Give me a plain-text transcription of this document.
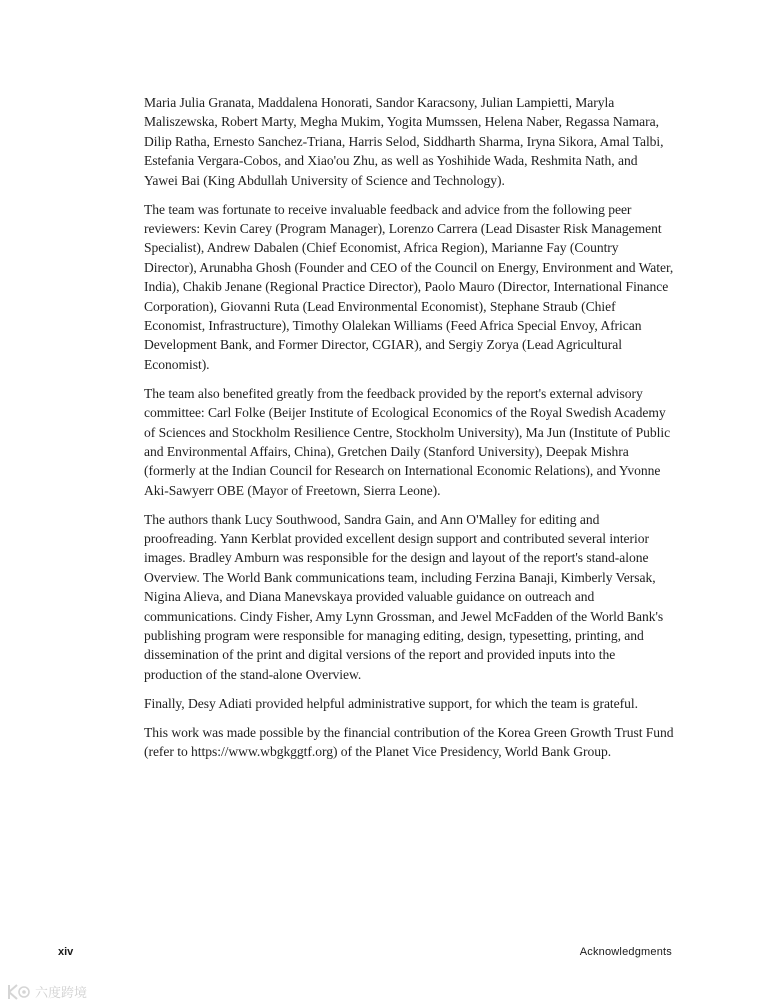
Maria Julia Granata, Maddalena Honorati, Sandor Karacsony, Julian Lampietti, Maryla Maliszewska, Robert Marty, Megha Mukim, Yogita Mumssen, Helena Naber, Regassa Namara, Dilip Ratha, Ernesto Sanchez-Triana, Harris Selod, Siddharth Sharma, Iryna Sikora, Amal Talbi, Estefania Vergara-Cobos, and Xiao'ou Zhu, as well as Yoshihide Wada, Reshmita Nath, and Yawei Bai (King Abdullah University of Science and Technology).

The team was fortunate to receive invaluable feedback and advice from the following peer reviewers: Kevin Carey (Program Manager), Lorenzo Carrera (Lead Disaster Risk Management Specialist), Andrew Dabalen (Chief Economist, Africa Region), Marianne Fay (Country Director), Arunabha Ghosh (Founder and CEO of the Council on Energy, Environment and Water, India), Chakib Jenane (Regional Practice Director), Paolo Mauro (Director, International Finance Corporation), Giovanni Ruta (Lead Environmental Economist), Stephane Straub (Chief Economist, Infrastructure), Timothy Olalekan Williams (Feed Africa Special Envoy, African Development Bank, and Former Director, CGIAR), and Sergiy Zorya (Lead Agricultural Economist).

The team also benefited greatly from the feedback provided by the report's external advisory committee: Carl Folke (Beijer Institute of Ecological Economics of the Royal Swedish Academy of Sciences and Stockholm Resilience Centre, Stockholm University), Ma Jun (Institute of Public and Environmental Affairs, China), Gretchen Daily (Stanford University), Deepak Mishra (formerly at the Indian Council for Research on International Economic Relations), and Yvonne Aki-Sawyerr OBE (Mayor of Freetown, Sierra Leone).

The authors thank Lucy Southwood, Sandra Gain, and Ann O'Malley for editing and proofreading. Yann Kerblat provided excellent design support and contributed several interior images. Bradley Amburn was responsible for the design and layout of the report's stand-alone Overview. The World Bank communications team, including Ferzina Banaji, Kimberly Versak, Nigina Alieva, and Diana Manevskaya provided valuable guidance on outreach and communications. Cindy Fisher, Amy Lynn Grossman, and Jewel McFadden of the World Bank's publishing program were responsible for managing editing, design, typesetting, printing, and dissemination of the print and digital versions of the report and provided inputs into the production of the stand-alone Overview.

Finally, Desy Adiati provided helpful administrative support, for which the team is grateful.

This work was made possible by the financial contribution of the Korea Green Growth Trust Fund (refer to https://www.wbgkggtf.org) of the Planet Vice Presidency, World Bank Group.

xiv	Acknowledgments
六度跨境
